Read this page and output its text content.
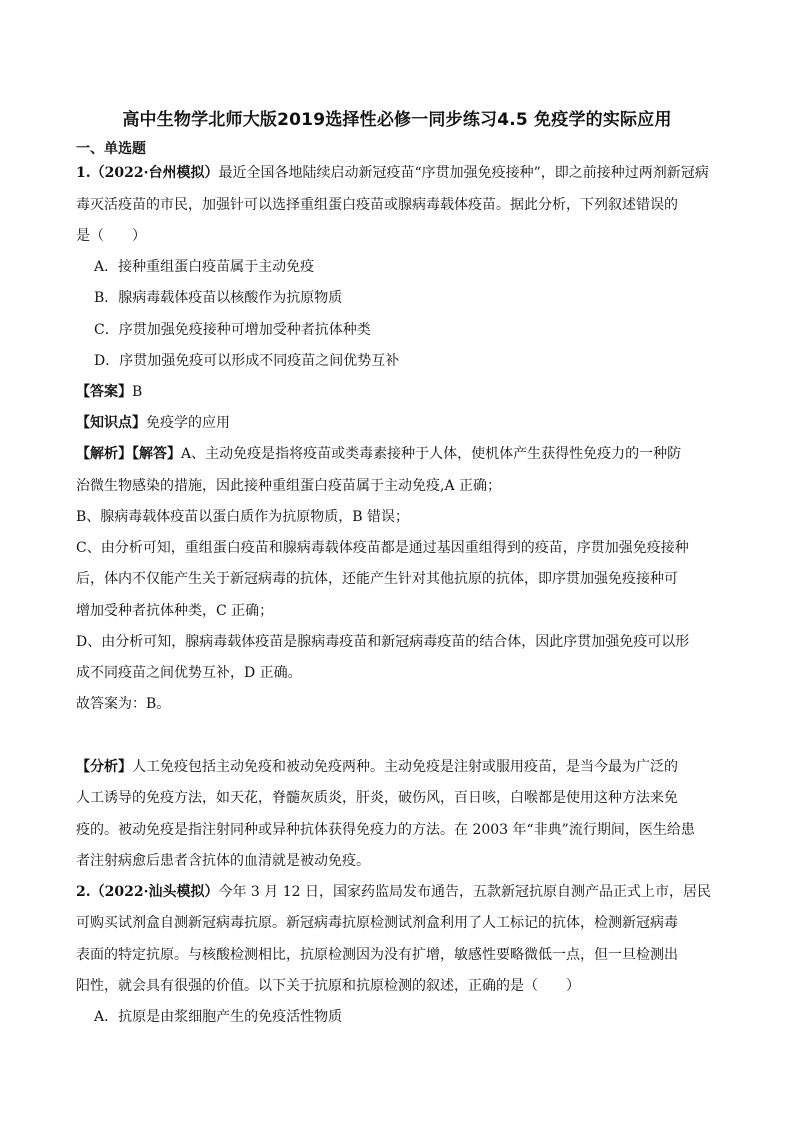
高中生物学北师大版2019选择性必修一同步练习4.5 免疫学的实际应用
一、单选题
1.（2022·台州模拟）最近全国各地陆续启动新冠疫苗“序贯加强免疫接种”，即之前接种过两剂新冠病
毒灭活疫苗的市民，加强针可以选择重组蛋白疫苗或腺病毒载体疫苗。据此分析，下列叙述错误的
是（　　）
A．接种重组蛋白疫苗属于主动免疫
B．腺病毒载体疫苗以核酸作为抗原物质
C．序贯加强免疫接种可增加受种者抗体种类
D．序贯加强免疫可以形成不同疫苗之间优势互补
【答案】B
【知识点】免疫学的应用
【解析】【解答】A、主动免疫是指将疫苗或类毒素接种于人体，使机体产生获得性免疫力的一种防
治微生物感染的措施，因此接种重组蛋白疫苗属于主动免疫,A 正确；
B、腺病毒载体疫苗以蛋白质作为抗原物质，B 错误；
C、由分析可知，重组蛋白疫苗和腺病毒载体疫苗都是通过基因重组得到的疫苗，序贯加强免疫接种
后，体内不仅能产生关于新冠病毒的抗体，还能产生针对其他抗原的抗体，即序贯加强免疫接种可
增加受种者抗体种类，C 正确；
D、由分析可知，腺病毒载体疫苗是腺病毒疫苗和新冠病毒疫苗的结合体，因此序贯加强免疫可以形
成不同疫苗之间优势互补，D 正确。
故答案为：B。
【分析】人工免疫包括主动免疫和被动免疫两种。主动免疫是注射或服用疫苗，是当今最为广泛的
人工诱导的免疫方法，如天花，脊髓灰质炎，肝炎，破伤风，百日咳，白喉都是使用这种方法来免
疫的。被动免疫是指注射同种或异种抗体获得免疫力的方法。在 2003 年“非典”流行期间，医生给患
者注射病愈后患者含抗体的血清就是被动免疫。
2.（2022·汕头模拟）今年 3 月 12 日，国家药监局发布通告，五款新冠抗原自测产品正式上市，居民
可购买试剂盒自测新冠病毒抗原。新冠病毒抗原检测试剂盒利用了人工标记的抗体，检测新冠病毒
表面的特定抗原。与核酸检测相比，抗原检测因为没有扩增，敏感性要略微低一点，但一旦检测出
阳性，就会具有很强的价值。以下关于抗原和抗原检测的叙述，正确的是（　　）
A．抗原是由浆细胞产生的免疫活性物质
